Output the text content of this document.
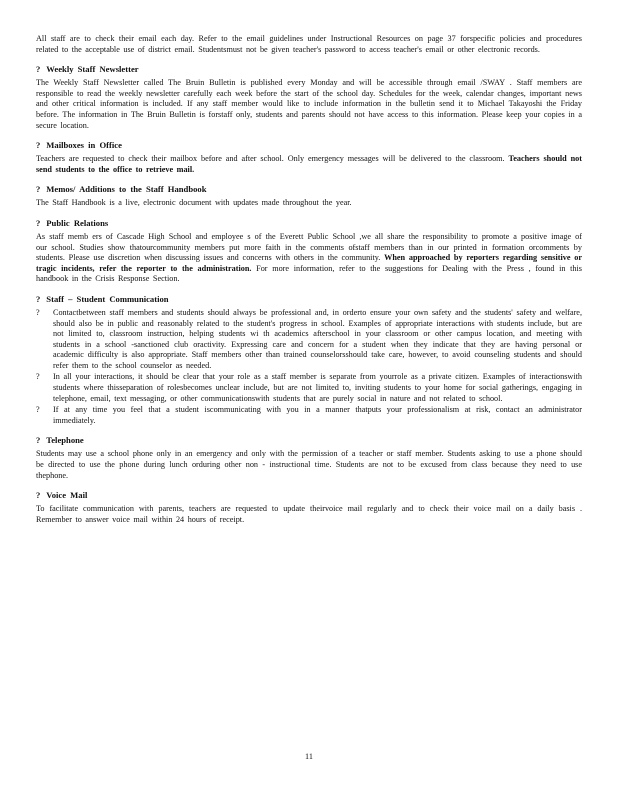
All staff are to check their email each day. Refer to the email guidelines under Instructional Resources on page 37 forspecific policies and procedures related to the acceptable use of district email. Studentsmust not be given teacher's password to access teacher's email or other electronic records.

? Weekly Staff Newsletter

The Weekly Staff Newsletter called The Bruin Bulletin is published every Monday and will be accessible through email /SWAY . Staff members are responsible to read the weekly newsletter carefully each week before the start of the school day. Schedules for the week, calendar changes, important news and other critical information is included. If any staff member would like to include information in the bulletin send it to Michael Takayoshi the Friday before. The information in The Bruin Bulletin is forstaff only, students and parents should not have access to this information. Please keep your copies in a secure location.

? Mailboxes in Office

Teachers are requested to check their mailbox before and after school. Only emergency messages will be delivered to the classroom. Teachers should not send students to the office to retrieve mail.

? Memos/ Additions to the Staff Handbook

The Staff Handbook is a live, electronic document with updates made throughout the year.

? Public Relations

As staff memb ers of Cascade High School and employee s of the Everett Public School ,we all share the responsibility to promote a positive image of our school. Studies show thatourcommunity members put more faith in the comments ofstaff members than in our printed in formation orcomments by students. Please use discretion when discussing issues and concerns with others in the community. When approached by reporters regarding sensitive or tragic incidents, refer the reporter to the administration. For more information, refer to the suggestions for Dealing with the Press , found in this handbook in the Crisis Response Section.

? Staff – Student Communication
? Contactbetween staff members and students should always be professional and, in orderto ensure your own safety and the students' safety and welfare, should also be in public and reasonably related to the student's progress in school. Examples of appropriate interactions with students include, but are not limited to, classroom instruction, helping students wi th academics afterschool in your classroom or other campus location, and meeting with students in a school -sanctioned club oractivity. Expressing care and concern for a student when they indicate that they are having personal or academic difficulty is also appropriate. Staff members other than trained counselorsshould take care, however, to avoid counseling students and should refer them to the school counselor as needed.
? In all your interactions, it should be clear that your role as a staff member is separate from yourrole as a private citizen. Examples of interactionswith students where thisseparation of rolesbecomes unclear include, but are not limited to, inviting students to your home for social gatherings, engaging in telephone, email, text messaging, or other communicationswith students that are purely social in nature and not related to school.
? If at any time you feel that a student iscommunicating with you in a manner thatputs your professionalism at risk, contact an administrator immediately.
? Telephone

Students may use a school phone only in an emergency and only with the permission of a teacher or staff member. Students asking to use a phone should be directed to use the phone during lunch orduring other non - instructional time. Students are not to be excused from class because they need to use thephone.

? Voice Mail

To facilitate communication with parents, teachers are requested to update theirvoice mail regularly and to check their voice mail on a daily basis . Remember to answer voice mail within 24 hours of receipt.

11
